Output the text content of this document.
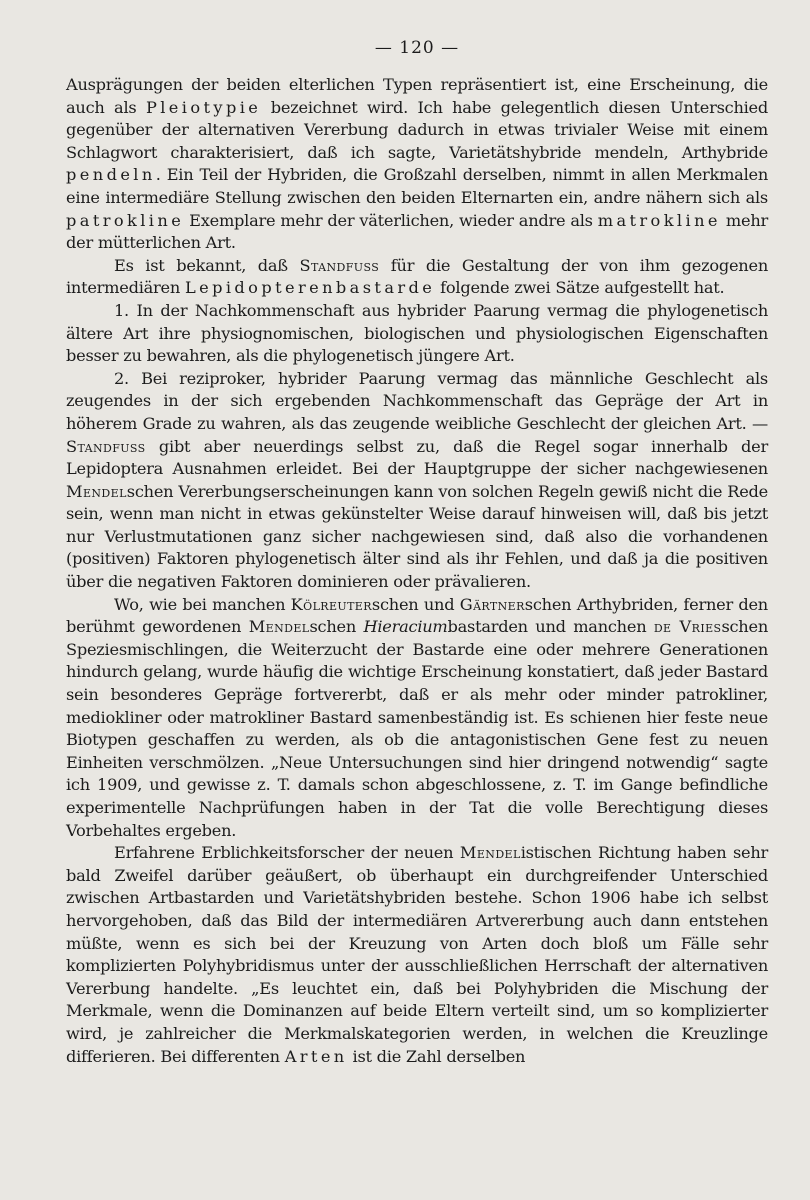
— 120 —

Ausprägungen der beiden elterlichen Typen repräsentiert ist, eine Erscheinung, die auch als Pleiotypie bezeichnet wird. Ich habe gelegentlich diesen Unterschied gegenüber der alternativen Vererbung dadurch in etwas trivialer Weise mit einem Schlagwort charakterisiert, daß ich sagte, Varietätshybride mendeln, Arthybride pendeln. Ein Teil der Hybriden, die Großzahl derselben, nimmt in allen Merkmalen eine intermediäre Stellung zwischen den beiden Elternarten ein, andre nähern sich als patrokline Exemplare mehr der väterlichen, wieder andre als matrokline mehr der mütterlichen Art.

Es ist bekannt, daß Standfuss für die Gestaltung der von ihm gezogenen intermediären Lepidopterenbastarde folgende zwei Sätze aufgestellt hat.

1. In der Nachkommenschaft aus hybrider Paarung vermag die phylogenetisch ältere Art ihre physiognomischen, biologischen und physiologischen Eigenschaften besser zu bewahren, als die phylogenetisch jüngere Art.

2. Bei reziproker, hybrider Paarung vermag das männliche Geschlecht als zeugendes in der sich ergebenden Nachkommenschaft das Gepräge der Art in höherem Grade zu wahren, als das zeugende weibliche Geschlecht der gleichen Art. — Standfuss gibt aber neuerdings selbst zu, daß die Regel sogar innerhalb der Lepidoptera Ausnahmen erleidet. Bei der Hauptgruppe der sicher nachgewiesenen Mendelschen Vererbungserscheinungen kann von solchen Regeln gewiß nicht die Rede sein, wenn man nicht in etwas gekünstelter Weise darauf hinweisen will, daß bis jetzt nur Verlustmutationen ganz sicher nachgewiesen sind, daß also die vorhandenen (positiven) Faktoren phylogenetisch älter sind als ihr Fehlen, und daß ja die positiven über die negativen Faktoren dominieren oder prävalieren.

Wo, wie bei manchen Kölreuterschen und Gärtnerschen Arthybriden, ferner den berühmt gewordenen Mendelschen Hieraciumbastarden und manchen de Vriesschen Speziesmischlingen, die Weiterzucht der Bastarde eine oder mehrere Generationen hindurch gelang, wurde häufig die wichtige Erscheinung konstatiert, daß jeder Bastard sein besonderes Gepräge fortvererbt, daß er als mehr oder minder patrokliner, mediokliner oder matrokliner Bastard samenbeständig ist. Es schienen hier feste neue Biotypen geschaffen zu werden, als ob die antagonistischen Gene fest zu neuen Einheiten verschmölzen. „Neue Untersuchungen sind hier dringend notwendig“ sagte ich 1909, und gewisse z. T. damals schon abgeschlossene, z. T. im Gange befindliche experimentelle Nachprüfungen haben in der Tat die volle Berechtigung dieses Vorbehaltes ergeben.

Erfahrene Erblichkeitsforscher der neuen Mendelistischen Richtung haben sehr bald Zweifel darüber geäußert, ob überhaupt ein durchgreifender Unterschied zwischen Artbastarden und Varietätshybriden bestehe. Schon 1906 habe ich selbst hervorgehoben, daß das Bild der intermediären Artvererbung auch dann entstehen müßte, wenn es sich bei der Kreuzung von Arten doch bloß um Fälle sehr komplizierten Polyhybridismus unter der ausschließlichen Herrschaft der alternativen Vererbung handelte. „Es leuchtet ein, daß bei Polyhybriden die Mischung der Merkmale, wenn die Dominanzen auf beide Eltern verteilt sind, um so komplizierter wird, je zahlreicher die Merkmalskategorien werden, in welchen die Kreuzlinge differieren. Bei differenten Arten ist die Zahl derselben
